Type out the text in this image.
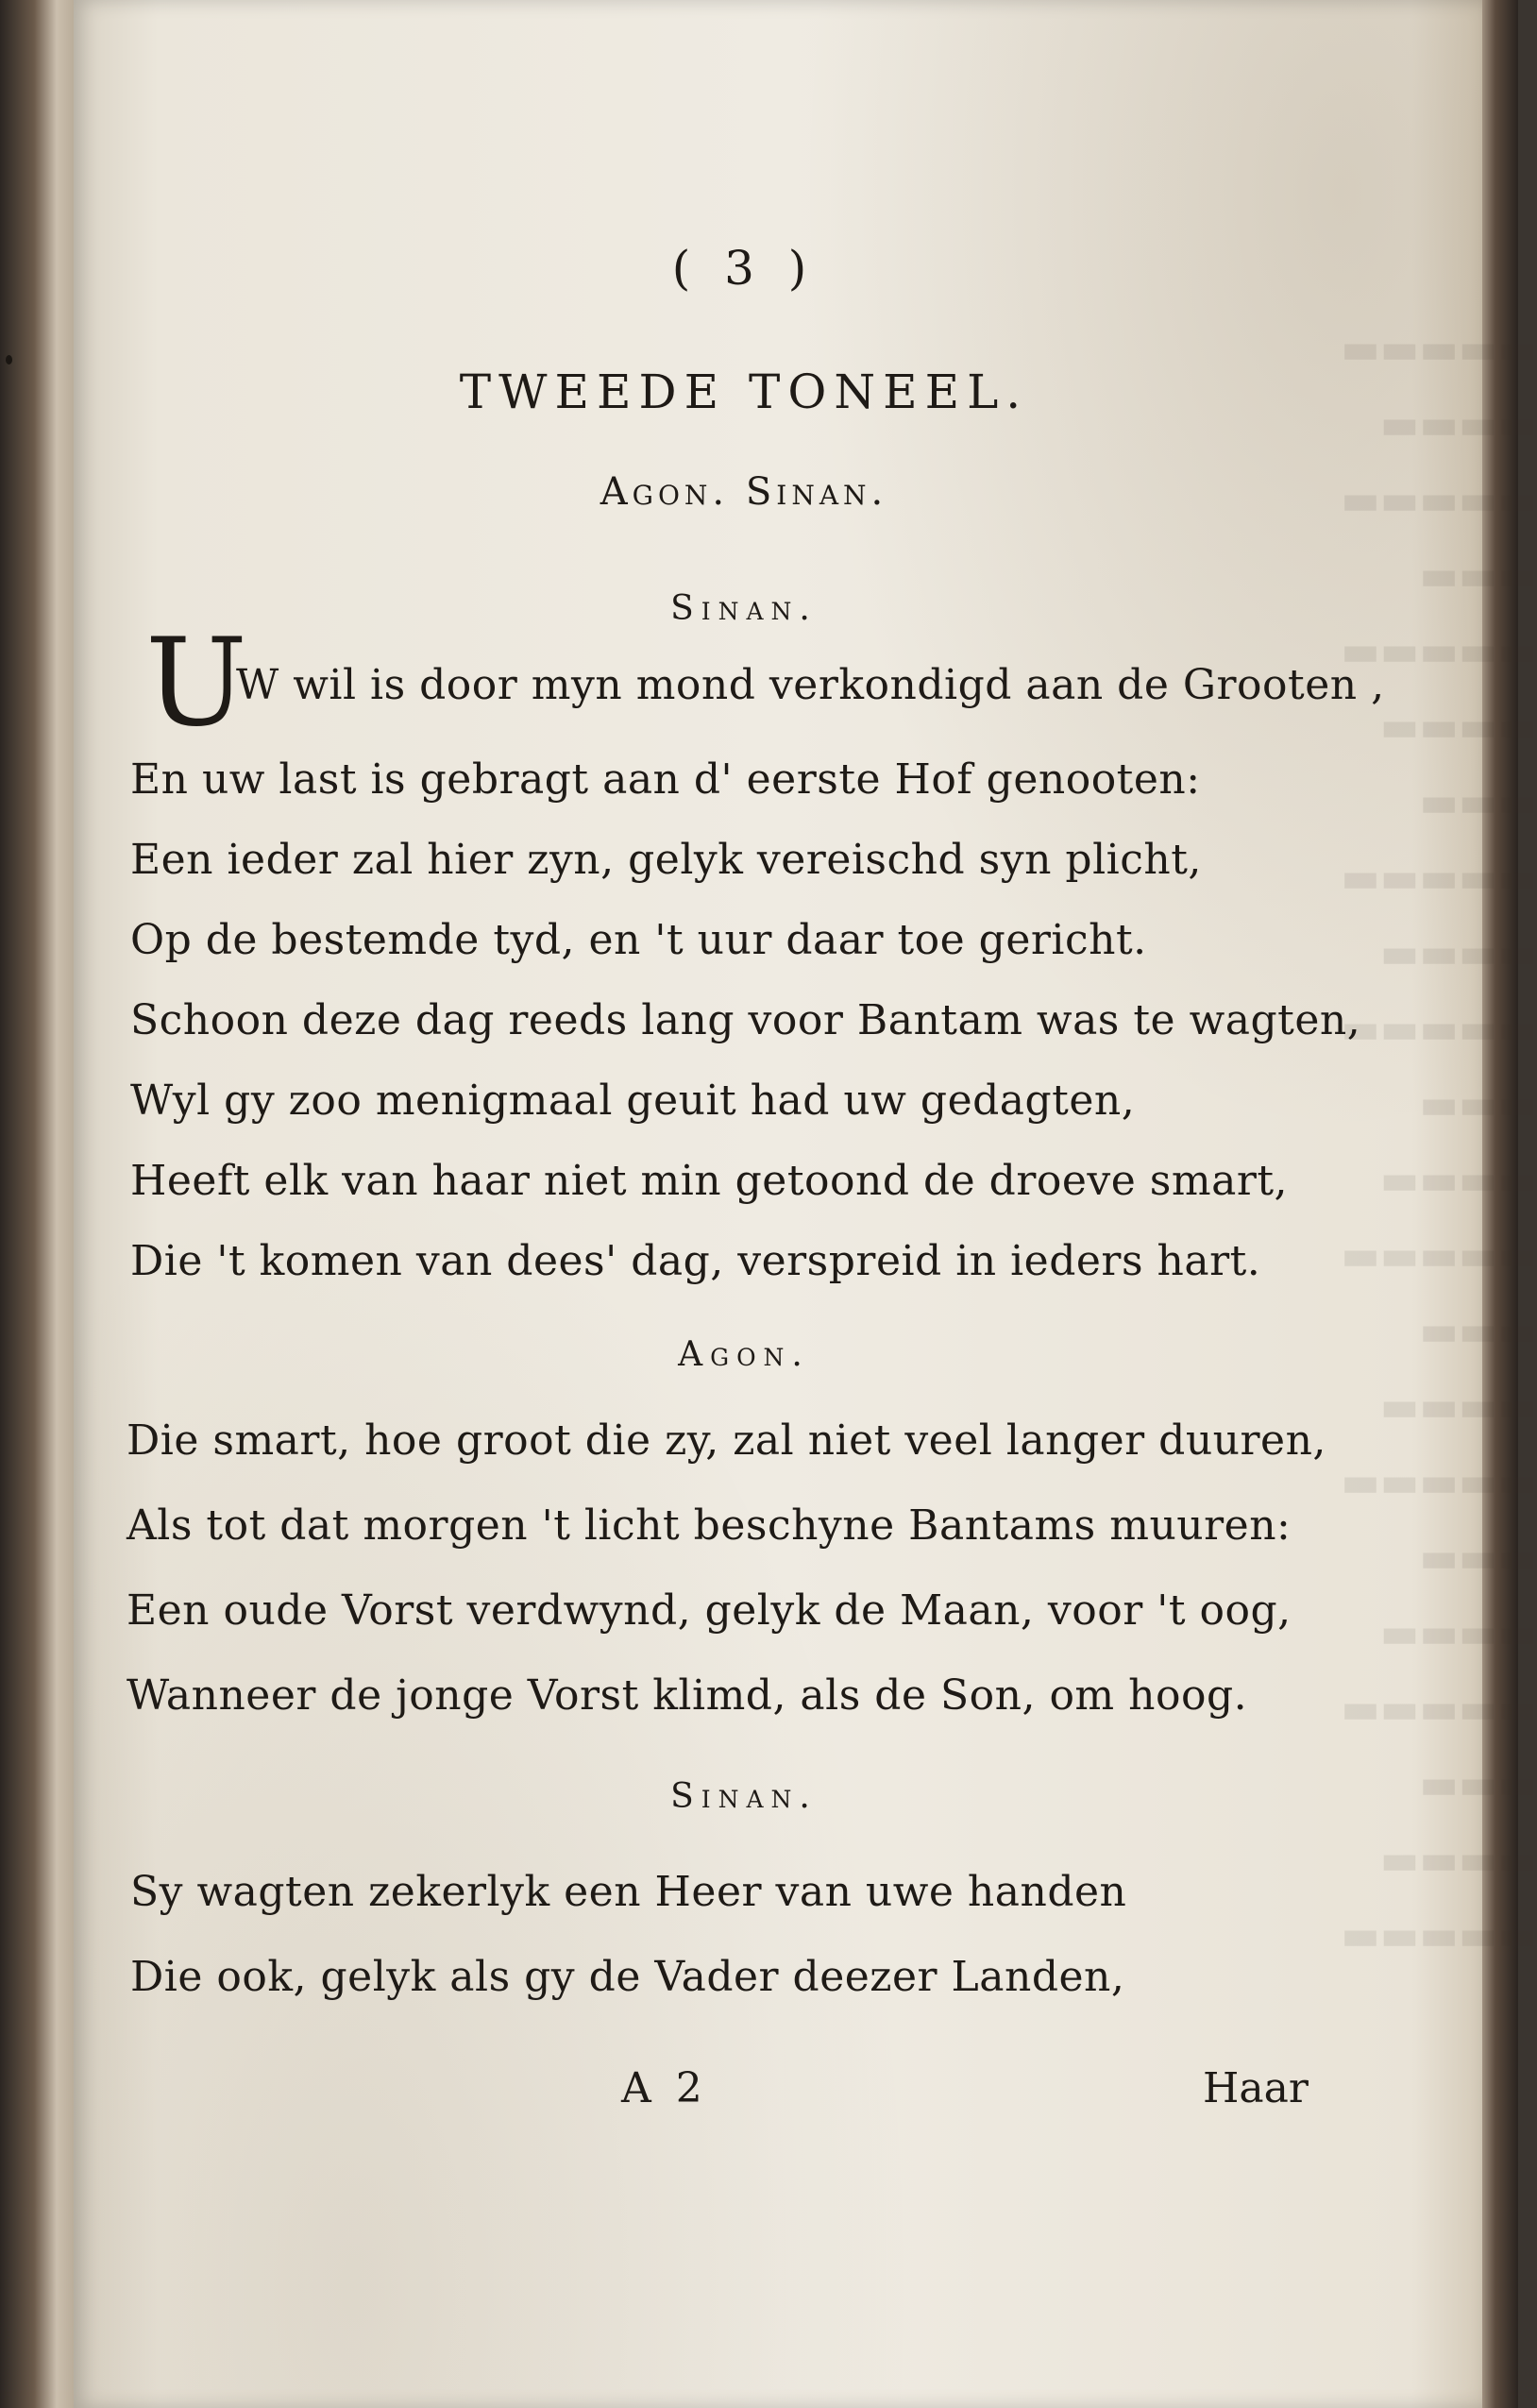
▬▬▬▬▬
▬▬▬▬
▬▬▬▬▬
▬▬▬
▬▬▬▬▬
▬▬▬▬
▬▬▬
▬▬▬▬▬
▬▬▬▬
▬▬▬▬▬
▬▬▬
▬▬▬▬
▬▬▬▬▬
▬▬▬
▬▬▬▬
▬▬▬▬▬
▬▬▬
▬▬▬▬
▬▬▬▬▬
▬▬▬
▬▬▬▬
▬▬▬▬▬
( 3 )
TWEEDE TONEEL.
Agon. Sinan.
Sinan.
U
W wil is door myn mond verkondigd aan de Grooten ,
En uw last is gebragt aan d' eerste Hof genooten:
Een ieder zal hier zyn, gelyk vereischd syn plicht,
Op de bestemde tyd, en 't uur daar toe gericht.
Schoon deze dag reeds lang voor Bantam was te wagten,
Wyl gy zoo menigmaal geuit had uw gedagten,
Heeft elk van haar niet min getoond de droeve smart,
Die 't komen van dees' dag, verspreid in ieders hart.
Agon.
Die smart, hoe groot die zy, zal niet veel langer duuren,
Als tot dat morgen 't licht beschyne Bantams muuren:
Een oude Vorst verdwynd, gelyk de Maan, voor 't oog,
Wanneer de jonge Vorst klimd, als de Son, om hoog.
Sinan.
Sy wagten zekerlyk een Heer van uwe handen
Die ook, gelyk als gy de Vader deezer Landen,
A 2	Haar
